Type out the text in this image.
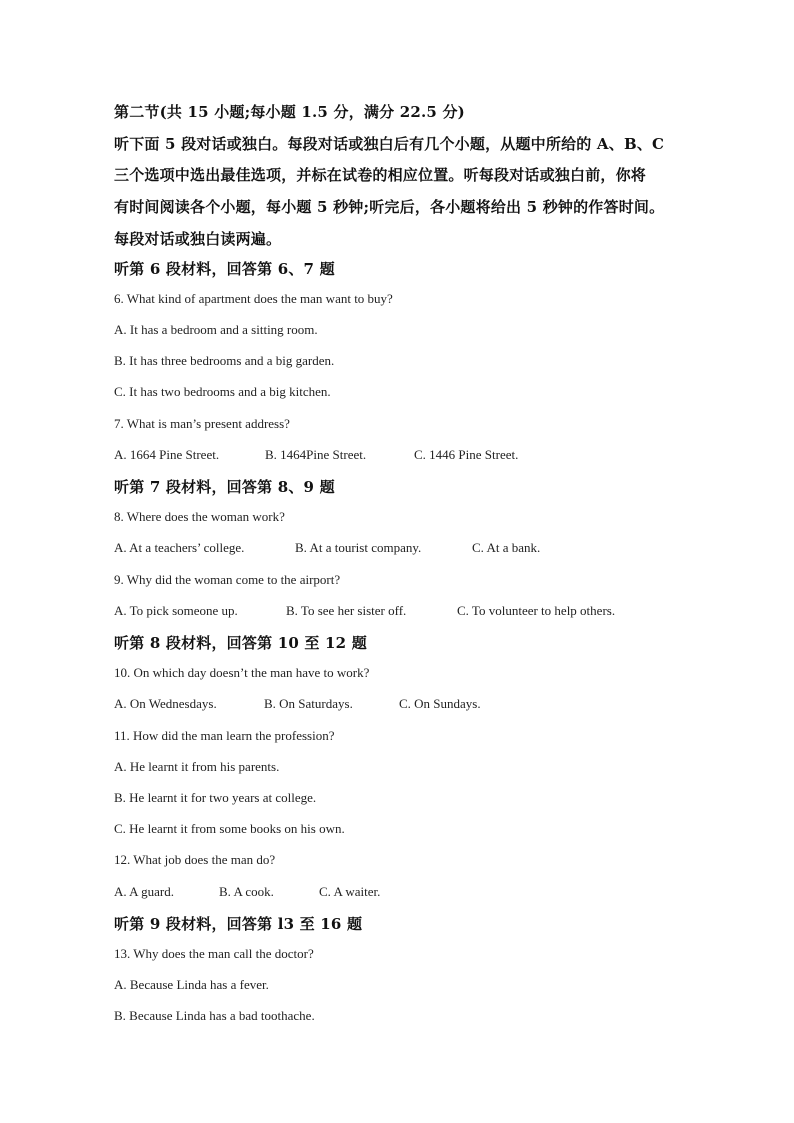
第二节(共 15 小题;每小题 1.5 分，满分 22.5 分)
听下面 5 段对话或独白。每段对话或独白后有几个小题，从题中所给的 A、B、C
三个选项中选出最佳选项，并标在试卷的相应位置。听每段对话或独白前，你将
有时间阅读各个小题，每小题 5 秒钟;听完后，各小题将给出 5 秒钟的作答时间。
每段对话或独白读两遍。
听第 6 段材料，回答第 6、7 题
6. What kind of apartment does the man want to buy?
A. It has a bedroom and a sitting room.
B. It has three bedrooms and a big garden.
C. It has two bedrooms and a big kitchen.
7. What is man’s present address?
A. 1664 Pine Street.	B. 1464Pine Street.	C. 1446 Pine Street.
听第 7 段材料，回答第 8、9 题
8. Where does the woman work?
A. At a teachers’ college.	B. At a tourist company.	C. At a bank.
9. Why did the woman come to the airport?
A. To pick someone up.	B. To see her sister off.	C. To volunteer to help others.
听第 8 段材料，回答第 10 至 12 题
10. On which day doesn’t the man have to work?
A. On Wednesdays.	B. On Saturdays.	C. On Sundays.
11. How did the man learn the profession?
A. He learnt it from his parents.
B. He learnt it for two years at college.
C. He learnt it from some books on his own.
12. What job does the man do?
A. A guard.	B. A cook.	C. A waiter.
听第 9 段材料，回答第 l3 至 16 题
13. Why does the man call the doctor?
A. Because Linda has a fever.
B. Because Linda has a bad toothache.
